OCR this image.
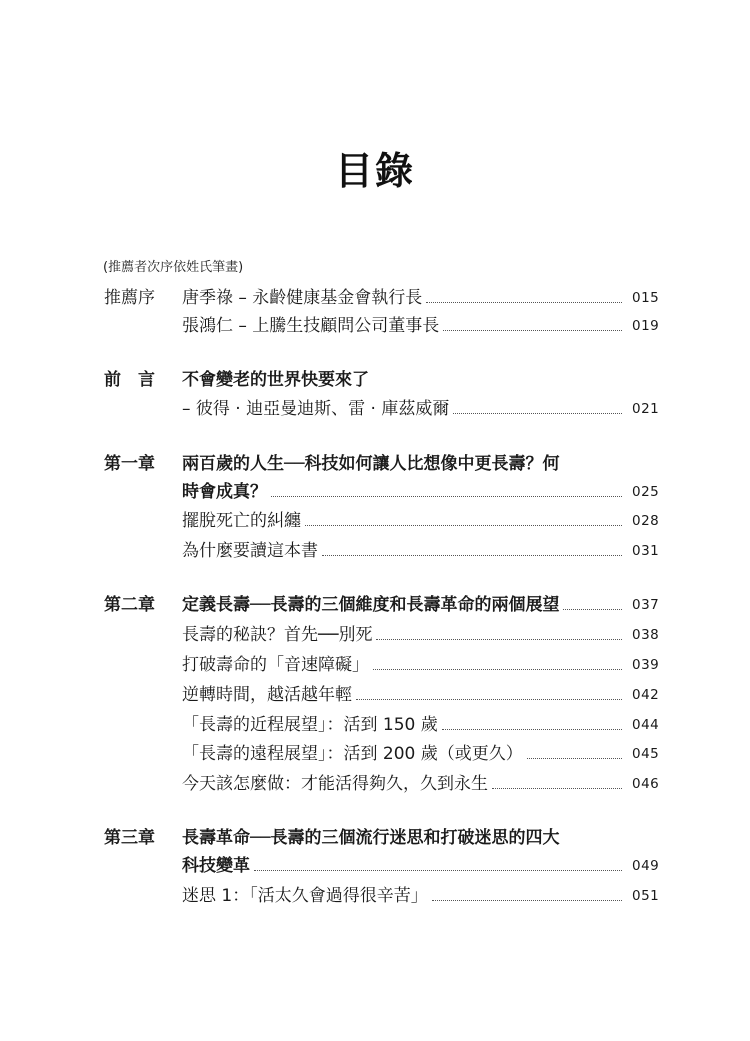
目錄
(推薦者次序依姓氏筆畫)
推薦序	唐季祿 – 永齡健康基金會執行長	015
張鴻仁 – 上騰生技顧問公司董事長	019
前　言	不會變老的世界快要來了
– 彼得 · 迪亞曼迪斯、雷 · 庫茲威爾	021
第一章	兩百歲的人生──科技如何讓人比想像中更長壽？何
時會成真？	025
擺脫死亡的糾纏	028
為什麼要讀這本書	031
第二章	定義長壽──長壽的三個維度和長壽革命的兩個展望	037
長壽的秘訣？首先──別死	038
打破壽命的「音速障礙」	039
逆轉時間，越活越年輕	042
「長壽的近程展望」：活到 150 歲	044
「長壽的遠程展望」：活到 200 歲（或更久）	045
今天該怎麼做：才能活得夠久，久到永生	046
第三章	長壽革命──長壽的三個流行迷思和打破迷思的四大
科技變革	049
迷思 1：「活太久會過得很辛苦」	051
